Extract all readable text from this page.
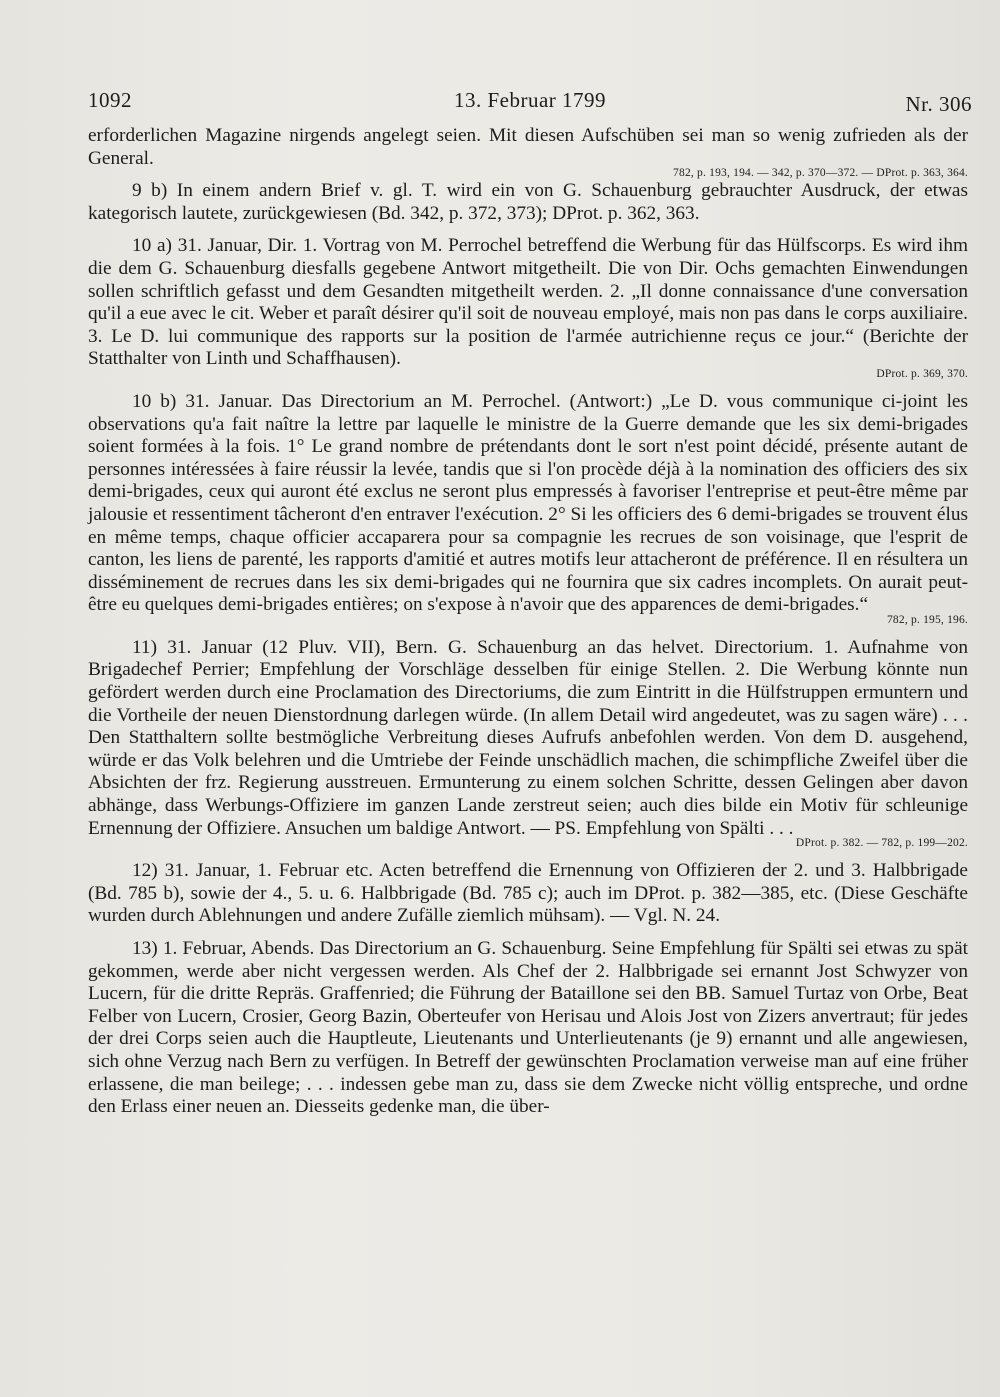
1092	13. Februar 1799	Nr. 306
erforderlichen Magazine nirgends angelegt seien. Mit diesen Aufschüben sei man so wenig zufrieden als der General.
782, p. 193, 194. — 342, p. 370—372. — DProt. p. 363, 364.
9 b) In einem andern Brief v. gl. T. wird ein von G. Schauenburg gebrauchter Ausdruck, der etwas kategorisch lautete, zurückgewiesen (Bd. 342, p. 372, 373); DProt. p. 362, 363.
10 a) 31. Januar, Dir. 1. Vortrag von M. Perrochel betreffend die Werbung für das Hülfscorps. Es wird ihm die dem G. Schauenburg diesfalls gegebene Antwort mitgetheilt. Die von Dir. Ochs gemachten Einwendungen sollen schriftlich gefasst und dem Gesandten mitgetheilt werden. 2. „Il donne connaissance d'une conversation qu'il a eue avec le cit. Weber et paraît désirer qu'il soit de nouveau employé, mais non pas dans le corps auxiliaire. 3. Le D. lui communique des rapports sur la position de l'armée autrichienne reçus ce jour.“ (Berichte der Statthalter von Linth und Schaffhausen).
DProt. p. 369, 370.
10 b) 31. Januar. Das Directorium an M. Perrochel. (Antwort:) „Le D. vous communique ci-joint les observations qu'a fait naître la lettre par laquelle le ministre de la Guerre demande que les six demi-brigades soient formées à la fois. 1° Le grand nombre de prétendants dont le sort n'est point décidé, présente autant de personnes intéressées à faire réussir la levée, tandis que si l'on procède déjà à la nomination des officiers des six demi-brigades, ceux qui auront été exclus ne seront plus empressés à favoriser l'entreprise et peut-être même par jalousie et ressentiment tâcheront d'en entraver l'exécution. 2° Si les officiers des 6 demi-brigades se trouvent élus en même temps, chaque officier accaparera pour sa compagnie les recrues de son voisinage, que l'esprit de canton, les liens de parenté, les rapports d'amitié et autres motifs leur attacheront de préférence. Il en résultera un disséminement de recrues dans les six demi-brigades qui ne fournira que six cadres incomplets. On aurait peut-être eu quelques demi-brigades entières; on s'expose à n'avoir que des apparences de demi-brigades.“
782, p. 195, 196.
11) 31. Januar (12 Pluv. VII), Bern. G. Schauenburg an das helvet. Directorium. 1. Aufnahme von Brigadechef Perrier; Empfehlung der Vorschläge desselben für einige Stellen. 2. Die Werbung könnte nun gefördert werden durch eine Proclamation des Directoriums, die zum Eintritt in die Hülfstruppen ermuntern und die Vortheile der neuen Dienstordnung darlegen würde. (In allem Detail wird angedeutet, was zu sagen wäre) . . . Den Statthaltern sollte bestmögliche Verbreitung dieses Aufrufs anbefohlen werden. Von dem D. ausgehend, würde er das Volk belehren und die Umtriebe der Feinde unschädlich machen, die schimpfliche Zweifel über die Absichten der frz. Regierung ausstreuen. Ermunterung zu einem solchen Schritte, dessen Gelingen aber davon abhänge, dass Werbungs-Offiziere im ganzen Lande zerstreut seien; auch dies bilde ein Motiv für schleunige Ernennung der Offiziere. Ansuchen um baldige Antwort. — PS. Empfehlung von Spälti . . .
DProt. p. 382. — 782, p. 199—202.
12) 31. Januar, 1. Februar etc. Acten betreffend die Ernennung von Offizieren der 2. und 3. Halbbrigade (Bd. 785 b), sowie der 4., 5. u. 6. Halbbrigade (Bd. 785 c); auch im DProt. p. 382—385, etc. (Diese Geschäfte wurden durch Ablehnungen und andere Zufälle ziemlich mühsam). — Vgl. N. 24.
13) 1. Februar, Abends. Das Directorium an G. Schauenburg. Seine Empfehlung für Spälti sei etwas zu spät gekommen, werde aber nicht vergessen werden. Als Chef der 2. Halbbrigade sei ernannt Jost Schwyzer von Lucern, für die dritte Repräs. Graffenried; die Führung der Bataillone sei den BB. Samuel Turtaz von Orbe, Beat Felber von Lucern, Crosier, Georg Bazin, Oberteufer von Herisau und Alois Jost von Zizers anvertraut; für jedes der drei Corps seien auch die Hauptleute, Lieutenants und Unterlieutenants (je 9) ernannt und alle angewiesen, sich ohne Verzug nach Bern zu verfügen. In Betreff der gewünschten Proclamation verweise man auf eine früher erlassene, die man beilege; . . . indessen gebe man zu, dass sie dem Zwecke nicht völlig entspreche, und ordne den Erlass einer neuen an. Diesseits gedenke man, die über-
